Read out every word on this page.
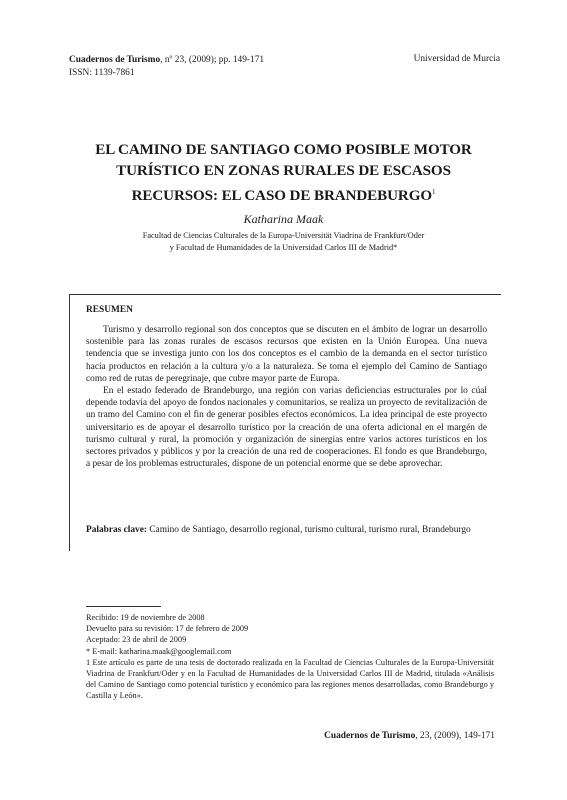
Cuadernos de Turismo, nº 23, (2009); pp. 149-171
ISSN: 1139-7861
Universidad de Murcia
EL CAMINO DE SANTIAGO COMO POSIBLE MOTOR
TURÍSTICO EN ZONAS RURALES DE ESCASOS
RECURSOS: EL CASO DE BRANDEBURGO$^1$
Katharina Maak
Facultad de Ciencias Culturales de la Europa-Universität Viadrina de Frankfurt/Oder
y Facultad de Humanidades de la Universidad Carlos III de Madrid*
RESUMEN

Turismo y desarrollo regional son dos conceptos que se discuten en el ámbito de lograr un desarrollo sostenible para las zonas rurales de escasos recursos que existen en la Unión Europea. Una nueva tendencia que se investiga junto con los dos conceptos es el cambio de la demanda en el sector turístico hacía productos en relación a la cultura y/o a la naturaleza. Se toma el ejemplo del Camino de Santiago como red de rutas de peregrinaje, que cubre mayor parte de Europa.

En el estado federado de Brandeburgo, una región con varias deficiencias estructurales por lo cúal depende todavía del apoyo de fondos nacionales y comunitarios, se realiza un proyecto de revitalización de un tramo del Camino con el fin de generar posibles efectos económicos. La idea principal de este proyecto universitario es de apoyar el desarrollo turístico por la creación de una oferta adicional en el margén de turismo cultural y rural, la promoción y organización de sinergias entre varios actores turísticos en los sectores privados y públicos y por la creación de una red de cooperaciones. El fondo es que Brandeburgo, a pesar de los problemas estructurales, dispone de un potencial enorme que se debe aprovechar.

Palabras clave: Camino de Santiago, desarrollo regional, turismo cultural, turismo rural, Brandeburgo
Recibido: 19 de noviembre de 2008
Devuelto para su revisión: 17 de febrero de 2009
Aceptado: 23 de abril de 2009
* E-mail: katharina.maak@googlemail.com
1 Este artículo es parte de una tesis de doctorado realizada en la Facultad de Ciencias Culturales de la Europa-Universität Viadrina de Frankfurt/Oder y en la Facultad de Humanidades de la Universidad Carlos III de Madrid, titulada «Análisis del Camino de Santiago como potencial turístico y económico para las regiones menos desarrolladas, como Brandeburgo y Castilla y León».
Cuadernos de Turismo, 23, (2009), 149-171
